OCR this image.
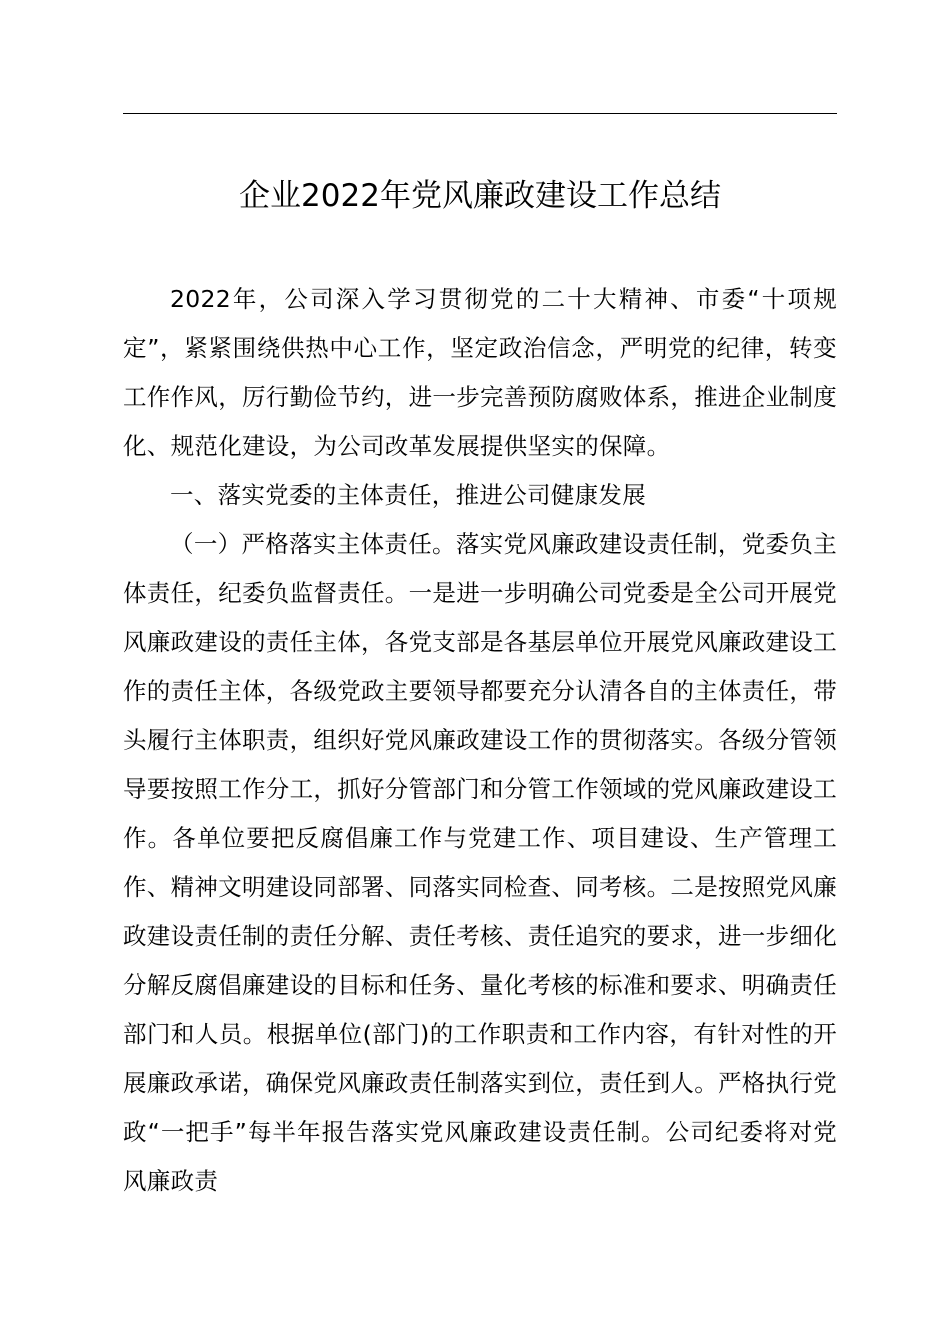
企业2022年党风廉政建设工作总结

2022年，公司深入学习贯彻党的二十大精神、市委“十项规定”，紧紧围绕供热中心工作，坚定政治信念，严明党的纪律，转变工作作风，厉行勤俭节约，进一步完善预防腐败体系，推进企业制度化、规范化建设，为公司改革发展提供坚实的保障。

一、落实党委的主体责任，推进公司健康发展

（一）严格落实主体责任。落实党风廉政建设责任制，党委负主体责任，纪委负监督责任。一是进一步明确公司党委是全公司开展党风廉政建设的责任主体，各党支部是各基层单位开展党风廉政建设工作的责任主体，各级党政主要领导都要充分认清各自的主体责任，带头履行主体职责，组织好党风廉政建设工作的贯彻落实。各级分管领导要按照工作分工，抓好分管部门和分管工作领域的党风廉政建设工作。各单位要把反腐倡廉工作与党建工作、项目建设、生产管理工作、精神文明建设同部署、同落实同检查、同考核。二是按照党风廉政建设责任制的责任分解、责任考核、责任追究的要求，进一步细化分解反腐倡廉建设的目标和任务、量化考核的标准和要求、明确责任部门和人员。根据单位(部门)的工作职责和工作内容，有针对性的开展廉政承诺，确保党风廉政责任制落实到位，责任到人。严格执行党政“一把手”每半年报告落实党风廉政建设责任制。公司纪委将对党风廉政责
